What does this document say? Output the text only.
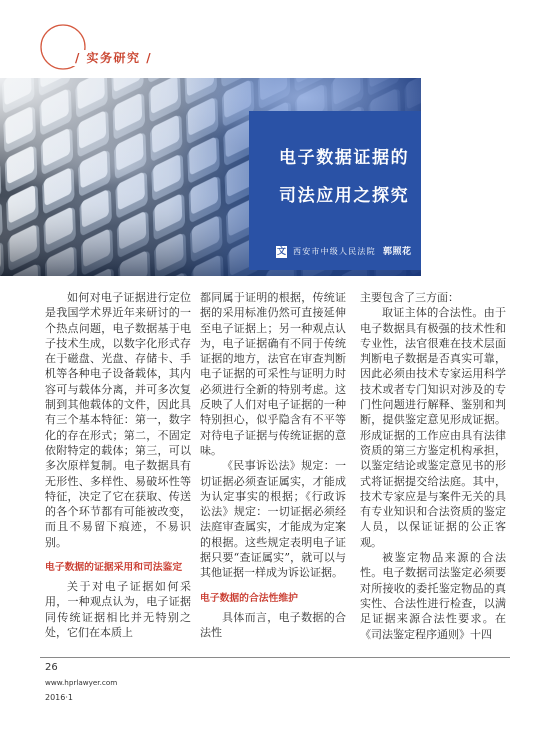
/ 实务研究 /
电子数据证据的
司法应用之探究
文 西安市中级人民法院 郭照花

如何对电子证据进行定位是我国学术界近年来研讨的一个热点问题，电子数据基于电子技术生成，以数字化形式存在于磁盘、光盘、存储卡、手机等各种电子设备载体，其内容可与载体分离，并可多次复制到其他载体的文件，因此具有三个基本特征：第一，数字化的存在形式；第二，不固定依附特定的载体；第三，可以多次原样复制。电子数据具有无形性、多样性、易破坏性等特征，决定了它在获取、传送的各个环节都有可能被改变，而且不易留下痕迹，不易识别。

电子数据的证据采用和司法鉴定

关于对电子证据如何采用，一种观点认为，电子证据同传统证据相比并无特别之处，它们在本质上

都同属于证明的根据，传统证据的采用标准仍然可直接延伸至电子证据上；另一种观点认为，电子证据确有不同于传统证据的地方，法官在审查判断电子证据的可采性与证明力时必须进行全新的特别考虑。这反映了人们对电子证据的一种特别担心，似乎隐含有不平等对待电子证据与传统证据的意味。

《民事诉讼法》规定：一切证据必须查证属实，才能成为认定事实的根据；《行政诉讼法》规定：一切证据必须经法庭审查属实，才能成为定案的根据。这些规定表明电子证据只要“查证属实”，就可以与其他证据一样成为诉讼证据。

电子数据的合法性维护

具体而言，电子数据的合法性

主要包含了三方面：

取证主体的合法性。由于电子数据具有极强的技术性和专业性，法官很难在技术层面判断电子数据是否真实可靠，因此必须由技术专家运用科学技术或者专门知识对涉及的专门性问题进行解释、鉴别和判断，提供鉴定意见形成证据。形成证据的工作应由具有法律资质的第三方鉴定机构承担，以鉴定结论或鉴定意见书的形式将证据提交给法庭。其中，技术专家应是与案件无关的具有专业知识和合法资质的鉴定人员，以保证证据的公正客观。

被鉴定物品来源的合法性。电子数据司法鉴定必须要对所接收的委托鉴定物品的真实性、合法性进行检查，以满足证据来源合法性要求。在《司法鉴定程序通则》十四

26
www.hprlawyer.com
2016·1
